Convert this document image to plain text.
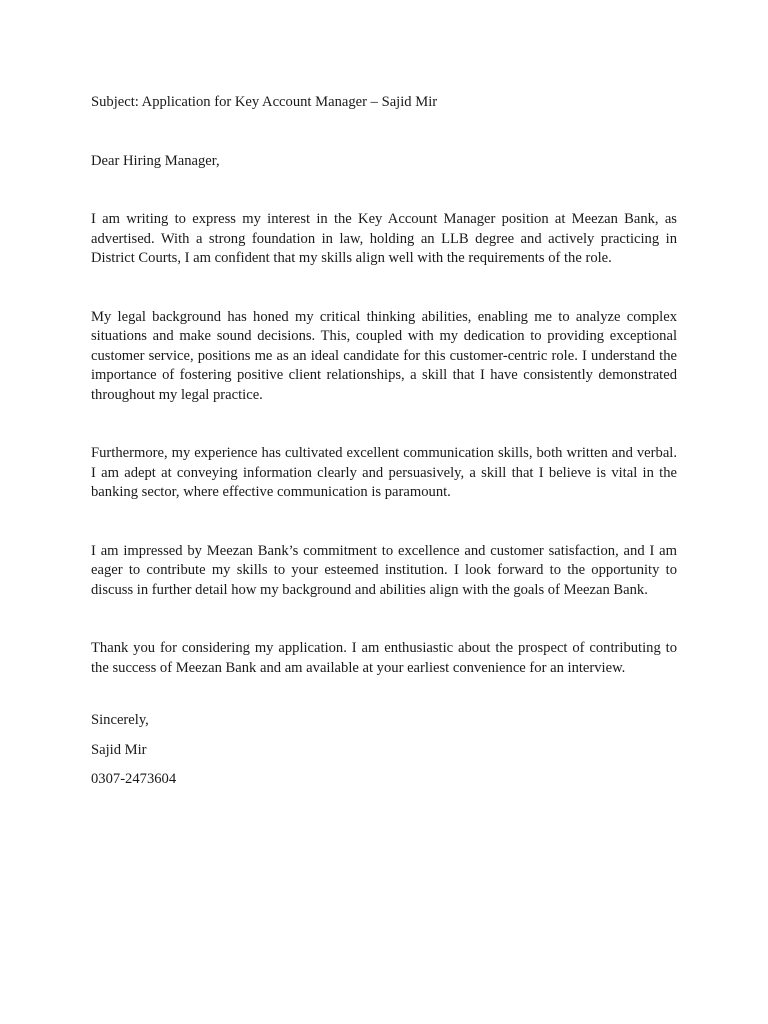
Subject: Application for Key Account Manager – Sajid Mir

Dear Hiring Manager,

I am writing to express my interest in the Key Account Manager position at Meezan Bank, as advertised. With a strong foundation in law, holding an LLB degree and actively practicing in District Courts, I am confident that my skills align well with the requirements of the role.

My legal background has honed my critical thinking abilities, enabling me to analyze complex situations and make sound decisions. This, coupled with my dedication to providing exceptional customer service, positions me as an ideal candidate for this customer-centric role. I understand the importance of fostering positive client relationships, a skill that I have consistently demonstrated throughout my legal practice.

Furthermore, my experience has cultivated excellent communication skills, both written and verbal. I am adept at conveying information clearly and persuasively, a skill that I believe is vital in the banking sector, where effective communication is paramount.

I am impressed by Meezan Bank’s commitment to excellence and customer satisfaction, and I am eager to contribute my skills to your esteemed institution. I look forward to the opportunity to discuss in further detail how my background and abilities align with the goals of Meezan Bank.

Thank you for considering my application. I am enthusiastic about the prospect of contributing to the success of Meezan Bank and am available at your earliest convenience for an interview.

Sincerely,

Sajid Mir

0307-2473604
